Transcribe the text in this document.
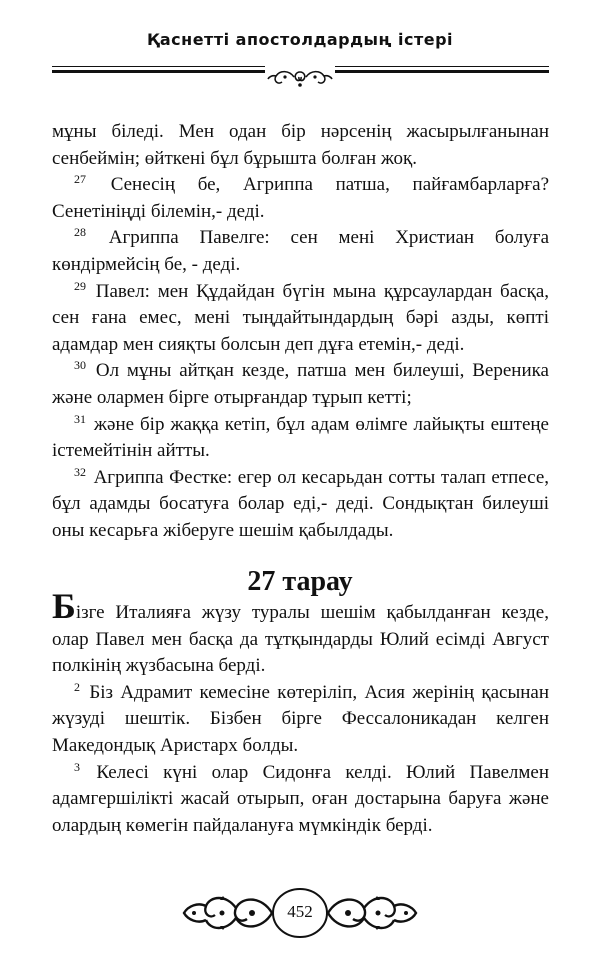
Қаснетті апостолдардың істері

мұны біледі. Мен одан бір нәрсенің жасырылғанынан сенбеймін; өйткені бұл бұрышта болған жоқ.

$^{27}$ Сенесің бе, Агриппа патша, пайғамбарларға? Сенетініңді білемін,- деді.

$^{28}$ Агриппа Павелге: сен мені Христиан болуға көндірмейсің бе, - деді.

$^{29}$ Павел: мен Құдайдан бүгін мына құрсаулардан басқа, сен ғана емес, мені тыңдайтындардың бәрі азды, көпті адамдар мен сияқты болсын деп дұға етемін,- деді.

$^{30}$ Ол мұны айтқан кезде, патша мен билеуші, Вереника және олармен бірге отырғандар тұрып кетті;

$^{31}$ және бір жаққа кетіп, бұл адам өлімге лайықты ештеңе істемейтінін айтты.

$^{32}$ Агриппа Фестке: егер ол кесарьдан сотты талап етпесе, бұл адамды босатуға болар еді,- деді. Сондықтан билеуші оны кесарьға жіберуге шешім қабылдады.

27 тарау

Бізге Италияға жүзу туралы шешім қабылданған кезде, олар Павел мен басқа да тұтқындарды Юлий есімді Август полкінің жүзбасына берді.

$^2$ Біз Адрамит кемесіне көтеріліп, Асия жерінің қасынан жүзуді шештік. Бізбен бірге Фессалоникадан келген Македондық Аристарх болды.

$^3$ Келесі күні олар Сидонға келді. Юлий Павелмен адамгершілікті жасай отырып, оған достарына баруға және олардың көмегін пайдалануға мүмкіндік берді.

452
